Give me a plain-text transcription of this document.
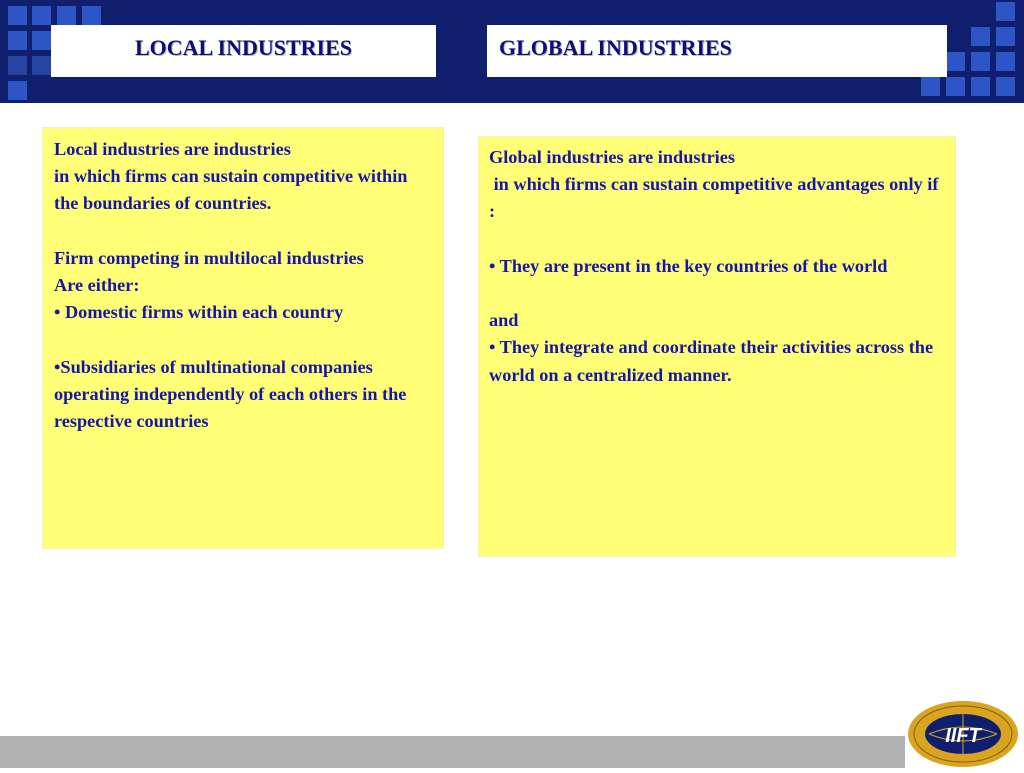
LOCAL INDUSTRIES	GLOBAL INDUSTRIES

Local industries are industries

in which firms can sustain competitive within the boundaries of countries.

Firm competing in multilocal industries

Are either:

• Domestic firms within each country

•Subsidiaries of multinational companies operating independently of each others in the respective countries

Global industries are industries

in which firms can sustain competitive advantages only if :

• They are present in the key countries of the world

and

• They integrate and coordinate their activities across the world on a centralized manner.

IIFT
